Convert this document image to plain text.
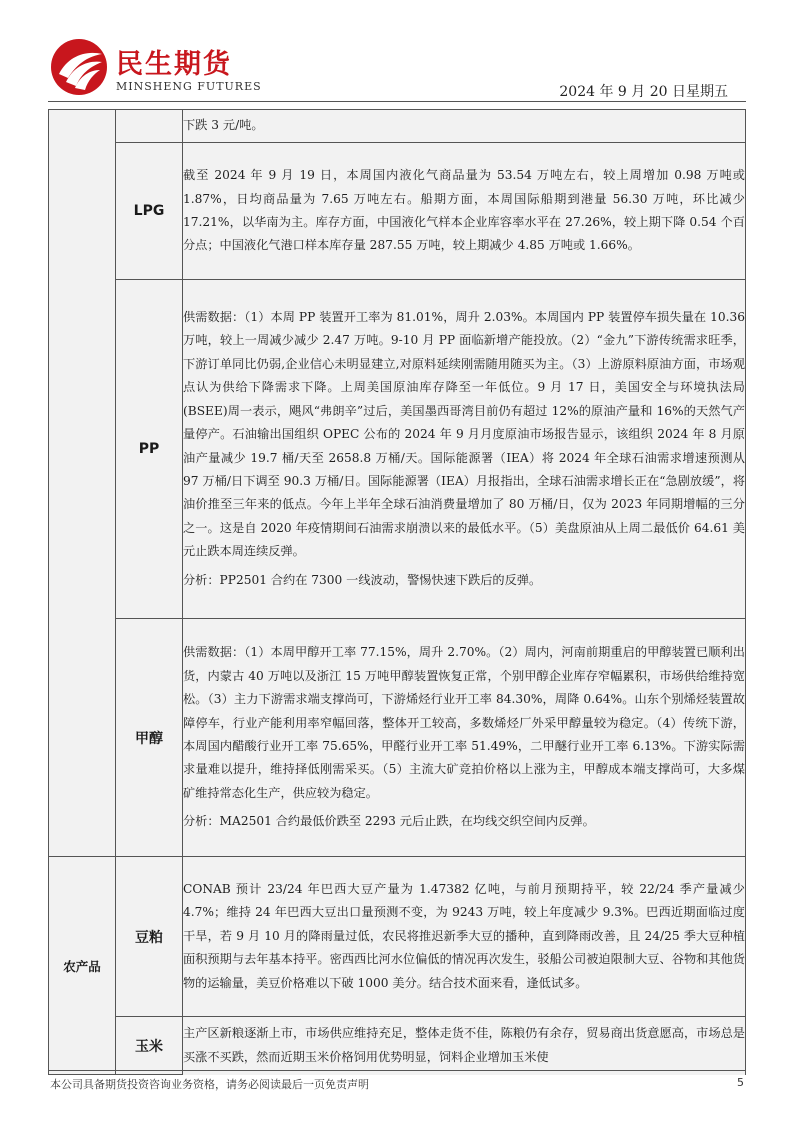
民生期货
MINSHENG FUTURES	2024 年 9 月 20 日星期五

		下跌 3 元/吨。

	LPG	截至 2024 年 9 月 19 日，本周国内液化气商品量为 53.54 万吨左右，较上周增加 0.98 万吨或 1.87%，日均商品量为 7.65 万吨左右。船期方面，本周国际船期到港量 56.30 万吨，环比减少 17.21%，以华南为主。库存方面，中国液化气样本企业库容率水平在 27.26%，较上期下降 0.54 个百分点；中国液化气港口样本库存量 287.55 万吨，较上期减少 4.85 万吨或 1.66%。

	PP	供需数据：（1）本周 PP 装置开工率为 81.01%，周升 2.03%。本周国内 PP 装置停车损失量在 10.36 万吨，较上一周减少减少 2.47 万吨。9-10 月 PP 面临新增产能投放。（2）“金九”下游传统需求旺季，下游订单同比仍弱,企业信心未明显建立,对原料延续刚需随用随买为主。（3）上游原料原油方面，市场观点认为供给下降需求下降。上周美国原油库存降至一年低位。9 月 17 日，美国安全与环境执法局(BSEE)周一表示，飓风“弗朗辛”过后，美国墨西哥湾目前仍有超过 12%的原油产量和 16%的天然气产量停产。石油输出国组织 OPEC 公布的 2024 年 9 月月度原油市场报告显示，该组织 2024 年 8 月原油产量减少 19.7 桶/天至 2658.8 万桶/天。国际能源署（IEA）将 2024 年全球石油需求增速预测从 97 万桶/日下调至 90.3 万桶/日。国际能源署（IEA）月报指出，全球石油需求增长正在“急剧放缓”，将油价推至三年来的低点。今年上半年全球石油消费量增加了 80 万桶/日，仅为 2023 年同期增幅的三分之一。这是自 2020 年疫情期间石油需求崩溃以来的最低水平。（5）美盘原油从上周二最低价 64.61 美元止跌本周连续反弹。

分析：PP2501 合约在 7300 一线波动，警惕快速下跌后的反弹。

	甲醇	供需数据：（1）本周甲醇开工率 77.15%，周升 2.70%。（2）周内，河南前期重启的甲醇装置已顺利出货，内蒙古 40 万吨以及浙江 15 万吨甲醇装置恢复正常，个别甲醇企业库存窄幅累积，市场供给维持宽松。（3）主力下游需求端支撑尚可，下游烯烃行业开工率 84.30%，周降 0.64%。山东个别烯烃装置故障停车，行业产能利用率窄幅回落，整体开工较高，多数烯烃厂外采甲醇量较为稳定。（4）传统下游，本周国内醋酸行业开工率 75.65%，甲醛行业开工率 51.49%，二甲醚行业开工率 6.13%。下游实际需求量难以提升，维持择低刚需采买。（5）主流大矿竞拍价格以上涨为主，甲醇成本端支撑尚可，大多煤矿维持常态化生产，供应较为稳定。

分析：MA2501 合约最低价跌至 2293 元后止跌，在均线交织空间内反弹。

农产品	豆粕	CONAB 预计 23/24 年巴西大豆产量为 1.47382 亿吨，与前月预期持平，较 22/24 季产量减少 4.7%；维持 24 年巴西大豆出口量预测不变，为 9243 万吨，较上年度减少 9.3%。巴西近期面临过度干旱，若 9 月 10 月的降雨量过低，农民将推迟新季大豆的播种，直到降雨改善，且 24/25 季大豆种植面积预期与去年基本持平。密西西比河水位偏低的情况再次发生，驳船公司被迫限制大豆、谷物和其他货物的运输量，美豆价格难以下破 1000 美分。结合技术面来看，逢低试多。

	玉米	主产区新粮逐渐上市，市场供应维持充足，整体走货不佳，陈粮仍有余存，贸易商出货意愿高，市场总是买涨不买跌，然而近期玉米价格饲用优势明显，饲料企业增加玉米使

本公司具备期货投资咨询业务资格，请务必阅读最后一页免责声明	5
